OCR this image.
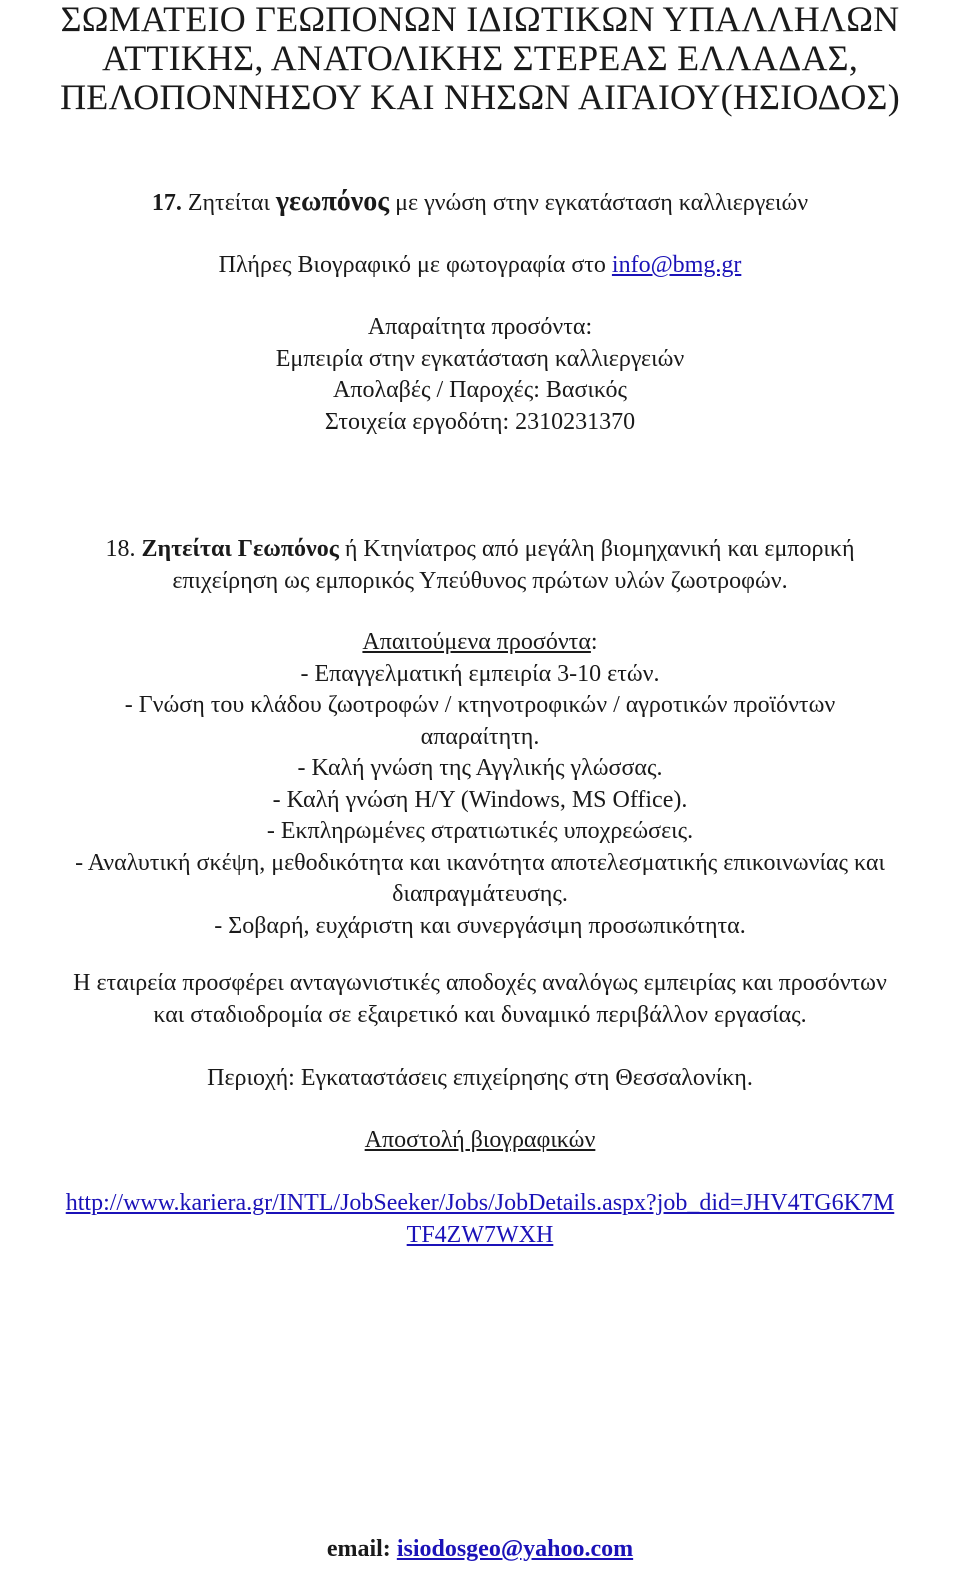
ΣΩΜΑΤΕΙΟ ΓΕΩΠΟΝΩΝ ΙΔΙΩΤΙΚΩΝ ΥΠΑΛΛΗΛΩΝ
ΑΤΤΙΚΗΣ, ΑΝΑΤΟΛΙΚΗΣ ΣΤΕΡΕΑΣ ΕΛΛΑΔΑΣ,
ΠΕΛΟΠΟΝΝΗΣΟΥ ΚΑΙ ΝΗΣΩΝ ΑΙΓΑΙΟΥ(ΗΣΙΟΔΟΣ)
17. Ζητείται γεωπόνος με γνώση στην εγκατάσταση καλλιεργειών
Πλήρες Βιογραφικό με φωτογραφία στο info@bmg.gr
Απαραίτητα προσόντα:
Εμπειρία στην εγκατάσταση καλλιεργειών
Απολαβές / Παροχές: Βασικός
Στοιχεία εργοδότη: 2310231370
18. Ζητείται Γεωπόνος ή Κτηνίατρος από μεγάλη βιομηχανική και εμπορική
επιχείρηση ως εμπορικός Υπεύθυνος πρώτων υλών ζωοτροφών.
Απαιτούμενα προσόντα:
- Επαγγελματική εμπειρία 3-10 ετών.
- Γνώση του κλάδου ζωοτροφών / κτηνοτροφικών / αγροτικών προϊόντων
απαραίτητη.
- Καλή γνώση της Αγγλικής γλώσσας.
- Καλή γνώση Η/Υ (Windows, MS Office).
- Εκπληρωμένες στρατιωτικές υποχρεώσεις.
- Αναλυτική σκέψη, μεθοδικότητα και ικανότητα αποτελεσματικής επικοινωνίας και
διαπραγμάτευσης.
- Σοβαρή, ευχάριστη και συνεργάσιμη προσωπικότητα.
Η εταιρεία προσφέρει ανταγωνιστικές αποδοχές αναλόγως εμπειρίας και προσόντων
και σταδιοδρομία σε εξαιρετικό και δυναμικό περιβάλλον εργασίας.
Περιοχή: Εγκαταστάσεις επιχείρησης στη Θεσσαλονίκη.
Αποστολή βιογραφικών
http://www.kariera.gr/INTL/JobSeeker/Jobs/JobDetails.aspx?job_did=JHV4TG6K7M
TF4ZW7WXH
email: isiodosgeo@yahoo.com
